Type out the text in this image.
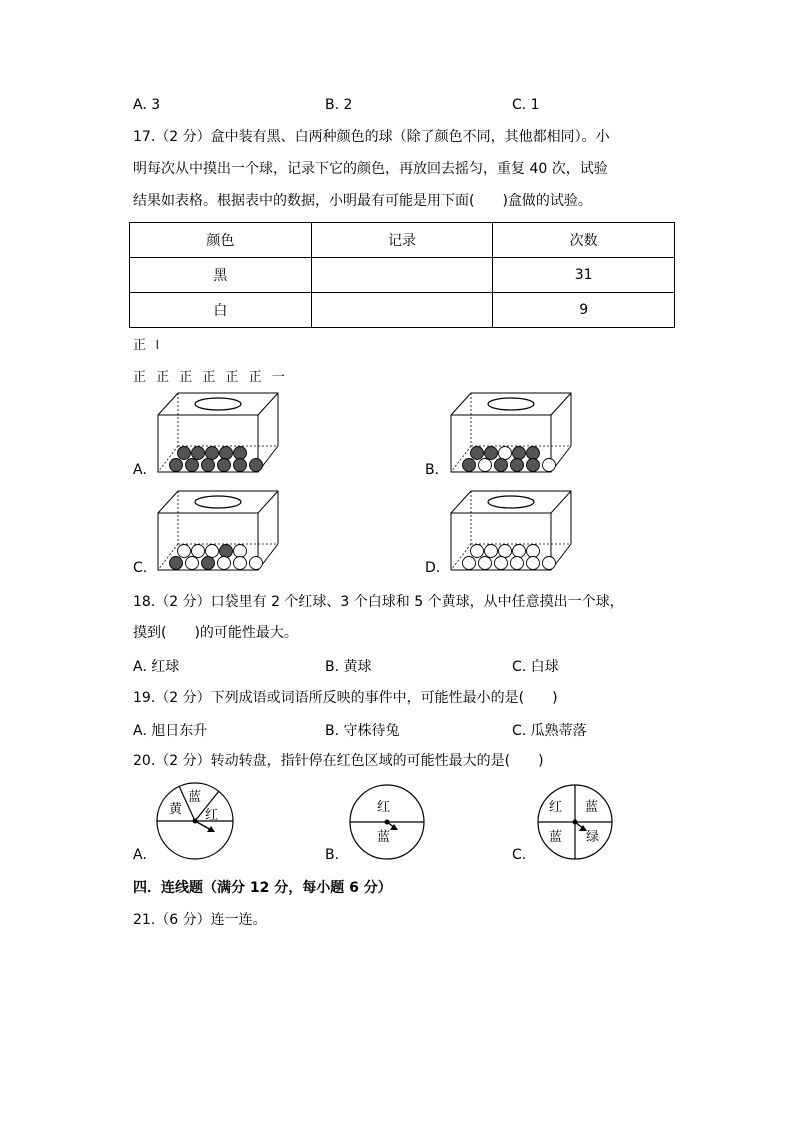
A. 3	B. 2	C. 1
17.（2 分）盒中装有黑、白两种颜色的球（除了颜色不同，其他都相同）。小
明每次从中摸出一个球，记录下它的颜色，再放回去摇匀，重复 40 次，试验
结果如表格。根据表中的数据，小明最有可能是用下面(　　)盒做的试验。
颜色	记录	次数
黑		31
白		9
正 𝍩
正 正 正 正 正 正 一
A.	B.
C.	D.
18.（2 分）口袋里有 2 个红球、3 个白球和 5 个黄球，从中任意摸出一个球，
摸到(　　)的可能性最大。
A. 红球	B. 黄球	C. 白球
19.（2 分）下列成语或词语所反映的事件中，可能性最小的是(　　)
A. 旭日东升	B. 守株待兔	C. 瓜熟蒂落
20.（2 分）转动转盘，指针停在红色区域的可能性最大的是(　　)
A.	B.	C.
蓝
黄 红
红
蓝
红 蓝
蓝 绿
四．连线题（满分 12 分，每小题 6 分）
21.（6 分）连一连。
